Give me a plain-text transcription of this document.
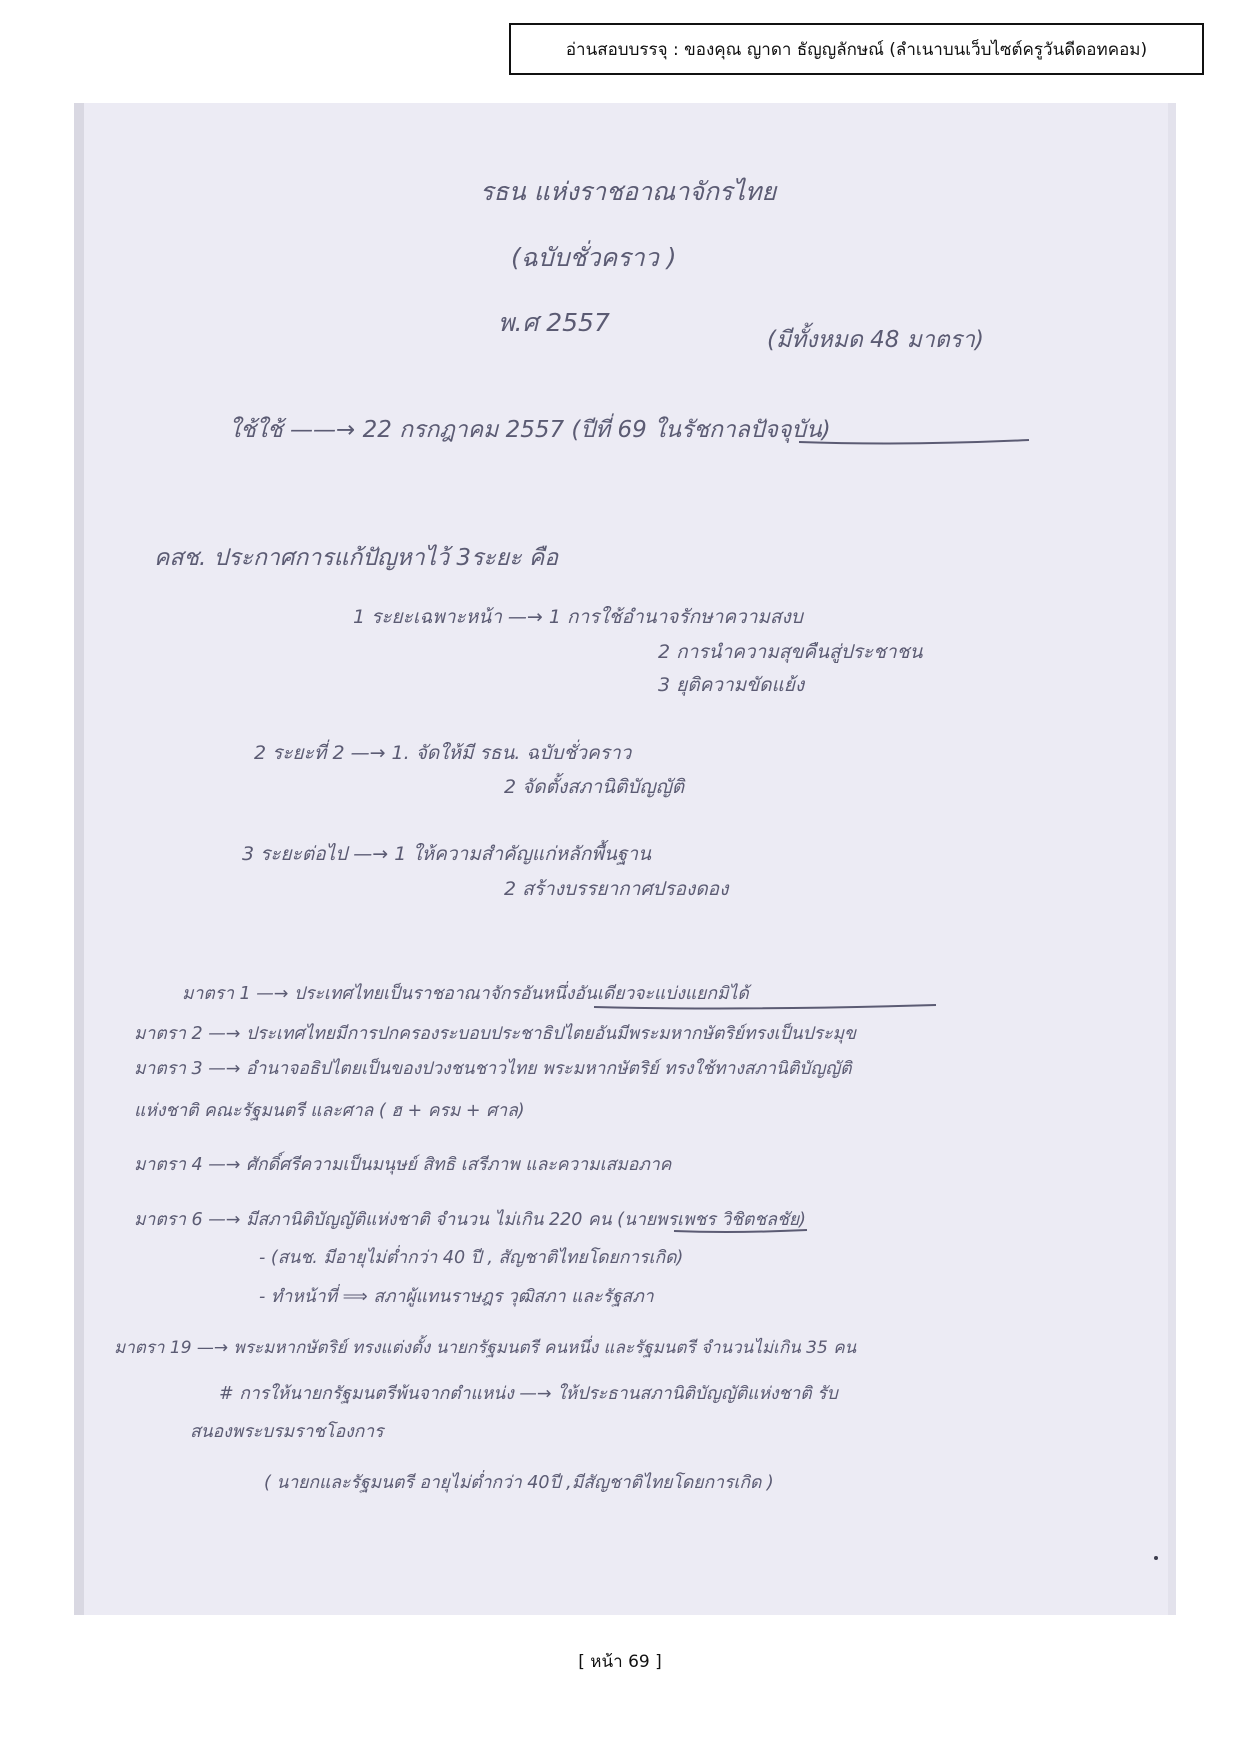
อ่านสอบบรรจุ : ของคุณ ญาดา ธัญญลักษณ์ (ลำเนาบนเว็บไซต์ครูวันดีดอทคอม)
รธน แห่งราชอาณาจักรไทย
(ฉบับชั่วคราว )
พ.ศ 2557
(มีทั้งหมด 48 มาตรา)
ใช้ใช้ ——→ 22 กรกฎาคม 2557 (ปีที่ 69 ในรัชกาลปัจจุบัน)
คสช. ประกาศการแก้ปัญหาไว้ 3ระยะ คือ
1 ระยะเฉพาะหน้า —→ 1 การใช้อำนาจรักษาความสงบ
2 การนำความสุขคืนสู่ประชาชน
3 ยุติความขัดแย้ง
2 ระยะที่ 2 —→ 1. จัดให้มี รธน. ฉบับชั่วคราว
2 จัดตั้งสภานิติบัญญัติ
3 ระยะต่อไป —→ 1 ให้ความสำคัญแก่หลักพื้นฐาน
2 สร้างบรรยากาศปรองดอง
มาตรา 1 —→ ประเทศไทยเป็นราชอาณาจักรอันหนึ่งอันเดียวจะแบ่งแยกมิได้
มาตรา 2 —→ ประเทศไทยมีการปกครองระบอบประชาธิปไตยอันมีพระมหากษัตริย์ทรงเป็นประมุข
มาตรา 3 —→ อำนาจอธิปไตยเป็นของปวงชนชาวไทย พระมหากษัตริย์ ทรงใช้ทางสภานิติบัญญัติ
แห่งชาติ คณะรัฐมนตรี และศาล ( ฮ + ครม + ศาล)
มาตรา 4 —→ ศักดิ์ศรีความเป็นมนุษย์ สิทธิ เสรีภาพ และความเสมอภาค
มาตรา 6 —→ มีสภานิติบัญญัติแห่งชาติ จำนวน ไม่เกิน 220 คน (นายพรเพชร วิชิตชลชัย)
- (สนช. มีอายุไม่ต่ำกว่า 40 ปี , สัญชาติไทยโดยการเกิด)
- ทำหน้าที่ ⟹ สภาผู้แทนราษฎร วุฒิสภา และรัฐสภา
มาตรา 19 —→ พระมหากษัตริย์ ทรงแต่งตั้ง นายกรัฐมนตรี คนหนึ่ง และรัฐมนตรี จำนวนไม่เกิน 35 คน
# การให้นายกรัฐมนตรีพ้นจากตำแหน่ง —→ ให้ประธานสภานิติบัญญัติแห่งชาติ รับ
สนองพระบรมราชโองการ
( นายกและรัฐมนตรี อายุไม่ต่ำกว่า 40ปี ,มีสัญชาติไทยโดยการเกิด )
[ หน้า 69 ]
